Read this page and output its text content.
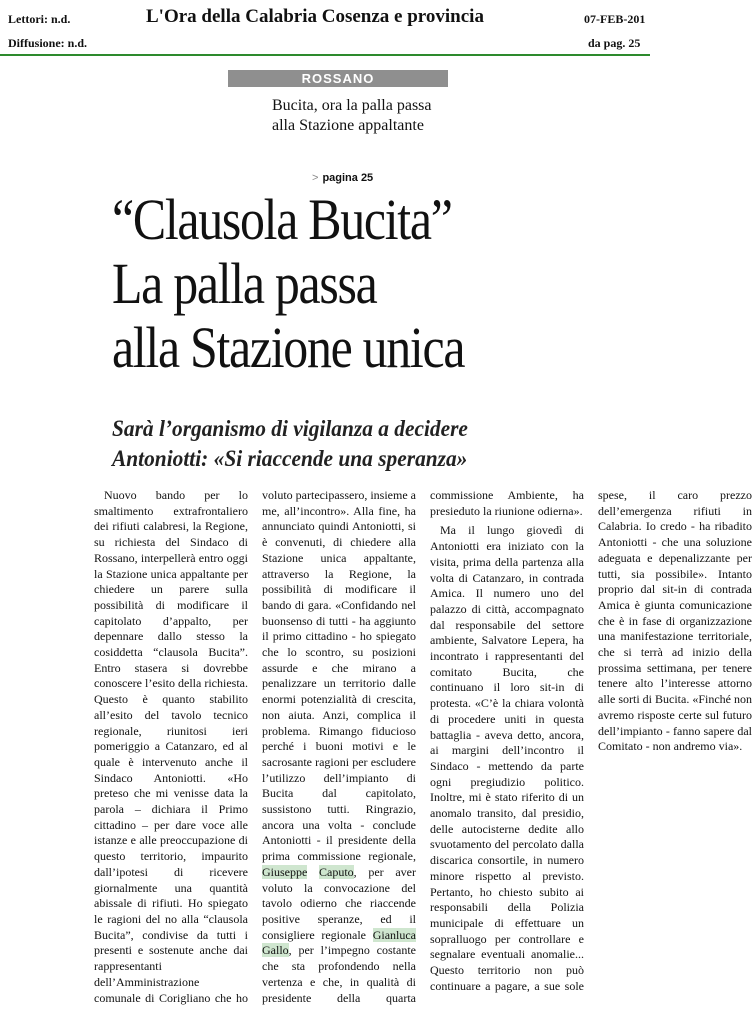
Lettori: n.d.
Diffusione: n.d.
L'Ora della Calabria Cosenza e provincia	07-FEB-201
da pag. 25
ROSSANO
Bucita, ora la palla passa alla Stazione appaltante
> pagina 25
“Clausola Bucita”
La palla passa
alla Stazione unica
Sarà l’organismo di vigilanza a decidere
Antoniotti: «Si riaccende una speranza»

Nuovo bando per lo smaltimento extrafrontaliero dei rifiuti calabresi, la Regione, su richiesta del Sindaco di Rossano, interpellerà entro oggi la Stazione unica appaltante per chiedere un parere sulla possibilità di modificare il capitolato d’appalto, per depennare dallo stesso la cosiddetta “clausola Bucita”. Entro stasera si dovrebbe conoscere l’esito della richiesta. Questo è quanto stabilito all’esito del tavolo tecnico regionale, riunitosi ieri pomeriggio a Catanzaro, ed al quale è intervenuto anche il Sindaco Antoniotti. «Ho preteso che mi venisse data la parola – dichiara il Primo cittadino – per dare voce alle istanze e alle preoccupazione di questo territorio, impaurito dall’ipotesi di ricevere giornalmente una quantità abissale di rifiuti. Ho spiegato le ragioni del no alla “clausola Bucita”, condivise da tutti i presenti e sostenute anche dai rappresentanti dell’Amministrazione comunale di Corigliano che ho voluto partecipassero, insieme a me, all’incontro». Alla fine, ha annunciato quindi Antoniotti, si è convenuti, di chiedere alla Stazione unica appaltante, attraverso la Regione, la possibilità di modificare il bando di gara. «Confidando nel buonsenso di tutti - ha aggiunto il primo cittadino - ho spiegato che lo scontro, su posizioni assurde e che mirano a penalizzare un territorio dalle enormi potenzialità di crescita, non aiuta. Anzi, complica il problema. Rimango fiducioso perché i buoni motivi e le sacrosante ragioni per escludere l’utilizzo dell’impianto di Bucita dal capitolato, sussistono tutti. Ringrazio, ancora una volta - conclude Antoniotti - il presidente della prima commissione regionale, Giuseppe Caputo, per aver voluto la convocazione del tavolo odierno che riaccende positive speranze, ed il consigliere regionale Gianluca Gallo, per l’impegno costante che sta profondendo nella vertenza e che, in qualità di presidente della quarta commissione Ambiente, ha presieduto la riunione odierna».

Ma il lungo giovedì di Antoniotti era iniziato con la visita, prima della partenza alla volta di Catanzaro, in contrada Amica. Il numero uno del palazzo di città, accompagnato dal responsabile del settore ambiente, Salvatore Lepera, ha incontrato i rappresentanti del comitato Bucita, che continuano il loro sit-in di protesta. «C’è la chiara volontà di procedere uniti in questa battaglia - aveva detto, ancora, ai margini dell’incontro il Sindaco - mettendo da parte ogni pregiudizio politico. Inoltre, mi è stato riferito di un anomalo transito, dal presidio, delle autocisterne dedite allo svuotamento del percolato dalla discarica consortile, in numero minore rispetto al previsto. Pertanto, ho chiesto subito ai responsabili della Polizia municipale di effettuare un sopralluogo per controllare e segnalare eventuali anomalie... Questo territorio non può continuare a pagare, a sue sole spese, il caro prezzo dell’emergenza rifiuti in Calabria. Io credo - ha ribadito Antoniotti - che una soluzione adeguata e depenalizzante per tutti, sia possibile». Intanto proprio dal sit-in di contrada Amica è giunta comunicazione che è in fase di organizzazione una manifestazione territoriale, che si terrà ad inizio della prossima settimana, per tenere tenere alto l’interesse attorno alle sorti di Bucita. «Finché non avremo risposte certe sul futuro dell’impianto - fanno sapere dal Comitato - non andremo via».
